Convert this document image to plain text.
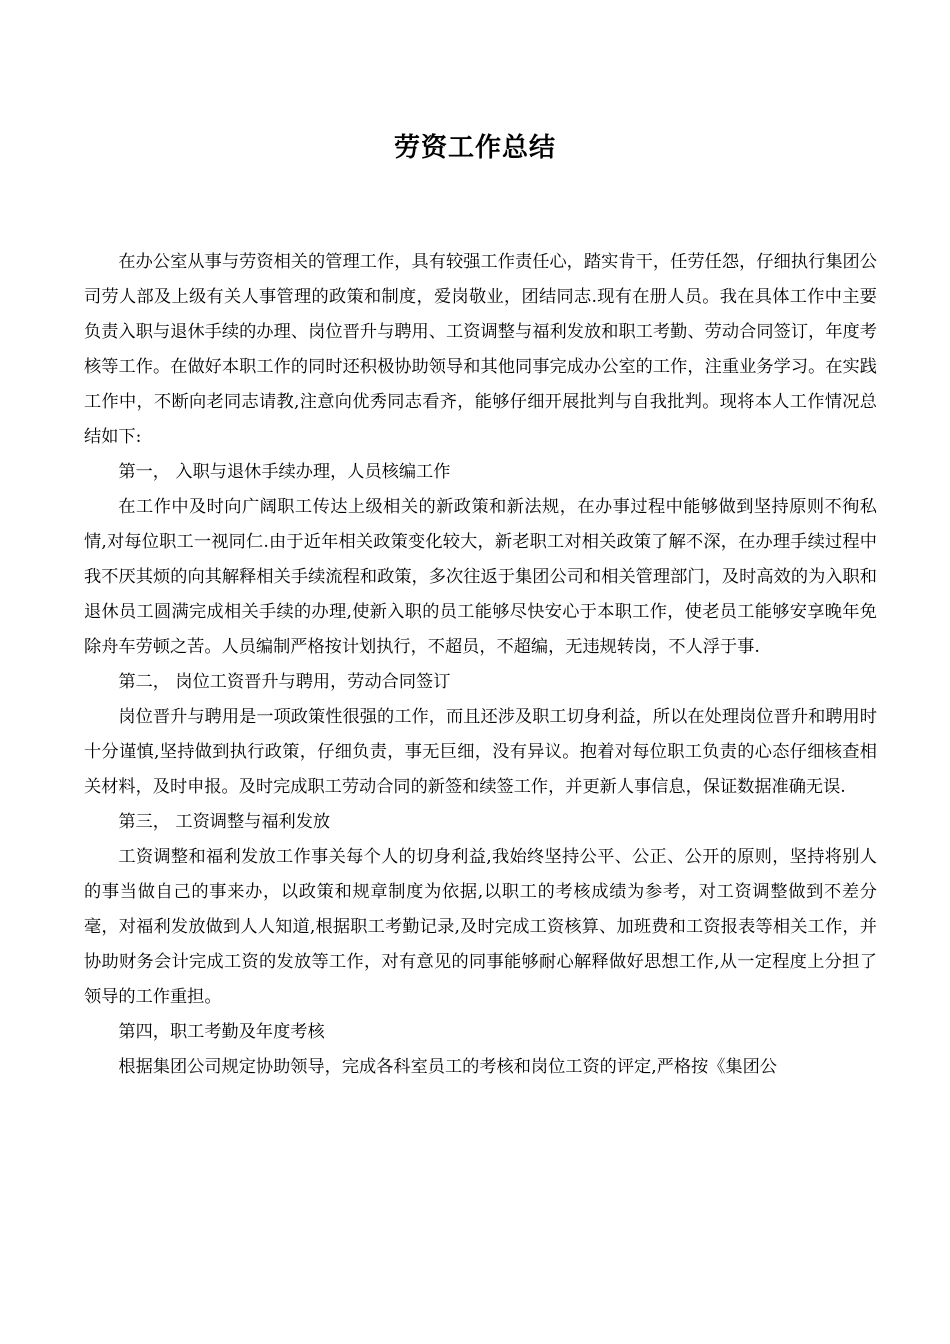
劳资工作总结

在办公室从事与劳资相关的管理工作，具有较强工作责任心，踏实肯干，任劳任怨，仔细执行集团公司劳人部及上级有关人事管理的政策和制度，爱岗敬业，团结同志.现有在册人员。我在具体工作中主要负责入职与退休手续的办理、岗位晋升与聘用、工资调整与福利发放和职工考勤、劳动合同签订，年度考核等工作。在做好本职工作的同时还积极协助领导和其他同事完成办公室的工作，注重业务学习。在实践工作中，不断向老同志请教,注意向优秀同志看齐，能够仔细开展批判与自我批判。现将本人工作情况总结如下:

第一， 入职与退休手续办理，人员核编工作

在工作中及时向广阔职工传达上级相关的新政策和新法规，在办事过程中能够做到坚持原则不徇私情,对每位职工一视同仁.由于近年相关政策变化较大，新老职工对相关政策了解不深，在办理手续过程中我不厌其烦的向其解释相关手续流程和政策，多次往返于集团公司和相关管理部门，及时高效的为入职和退休员工圆满完成相关手续的办理,使新入职的员工能够尽快安心于本职工作，使老员工能够安享晚年免除舟车劳顿之苦。人员编制严格按计划执行，不超员，不超编，无违规转岗，不人浮于事.

第二， 岗位工资晋升与聘用，劳动合同签订

岗位晋升与聘用是一项政策性很强的工作，而且还涉及职工切身利益，所以在处理岗位晋升和聘用时十分谨慎,坚持做到执行政策，仔细负责，事无巨细，没有异议。抱着对每位职工负责的心态仔细核查相关材料，及时申报。及时完成职工劳动合同的新签和续签工作，并更新人事信息，保证数据准确无误.

第三， 工资调整与福利发放

工资调整和福利发放工作事关每个人的切身利益,我始终坚持公平、公正、公开的原则，坚持将别人的事当做自己的事来办，以政策和规章制度为依据,以职工的考核成绩为参考，对工资调整做到不差分毫，对福利发放做到人人知道,根据职工考勤记录,及时完成工资核算、加班费和工资报表等相关工作，并协助财务会计完成工资的发放等工作，对有意见的同事能够耐心解释做好思想工作,从一定程度上分担了领导的工作重担。

第四，职工考勤及年度考核

根据集团公司规定协助领导，完成各科室员工的考核和岗位工资的评定,严格按《集团公
